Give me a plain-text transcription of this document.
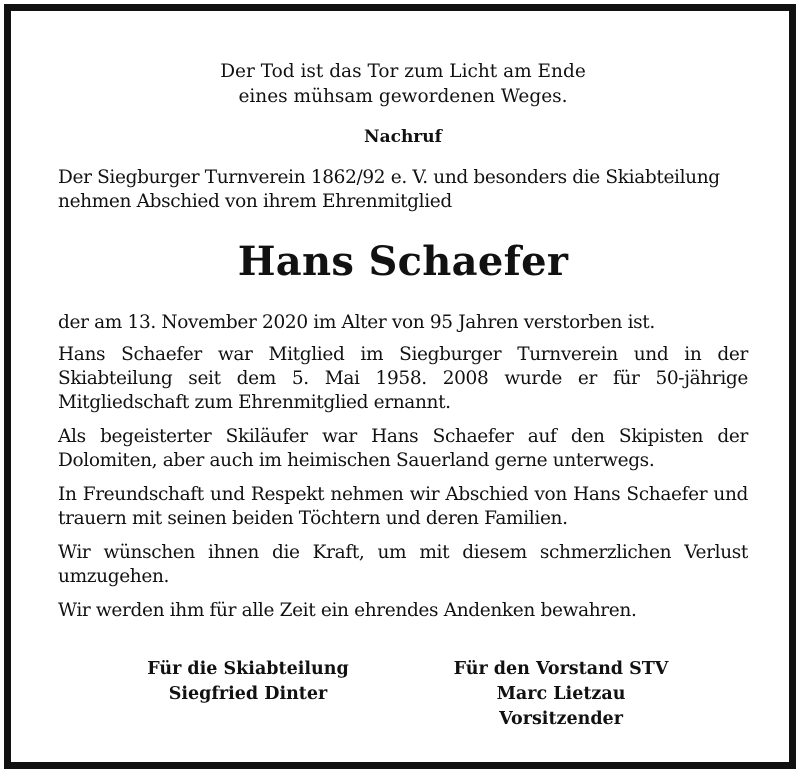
Der Tod ist das Tor zum Licht am Ende
eines mühsam gewordenen Weges.
Nachruf
Der Siegburger Turnverein 1862/92 e. V. und besonders die Skiabteilung
nehmen Abschied von ihrem Ehrenmitglied
Hans Schaefer

der am 13. November 2020 im Alter von 95 Jahren verstorben ist.

Hans Schaefer war Mitglied im Siegburger Turnverein und in der Skiabteilung seit dem 5. Mai 1958. 2008 wurde er für 50-jährige Mitgliedschaft zum Ehrenmitglied ernannt.

Als begeisterter Skiläufer war Hans Schaefer auf den Skipisten der Dolomiten, aber auch im heimischen Sauerland gerne unterwegs.

In Freundschaft und Respekt nehmen wir Abschied von Hans Schaefer und trauern mit seinen beiden Töchtern und deren Familien.

Wir wünschen ihnen die Kraft, um mit diesem schmerzlichen Verlust umzugehen.

Wir werden ihm für alle Zeit ein ehrendes Andenken bewahren.

Für die Skiabteilung
Siegfried Dinter
Für den Vorstand STV
Marc Lietzau
Vorsitzender
